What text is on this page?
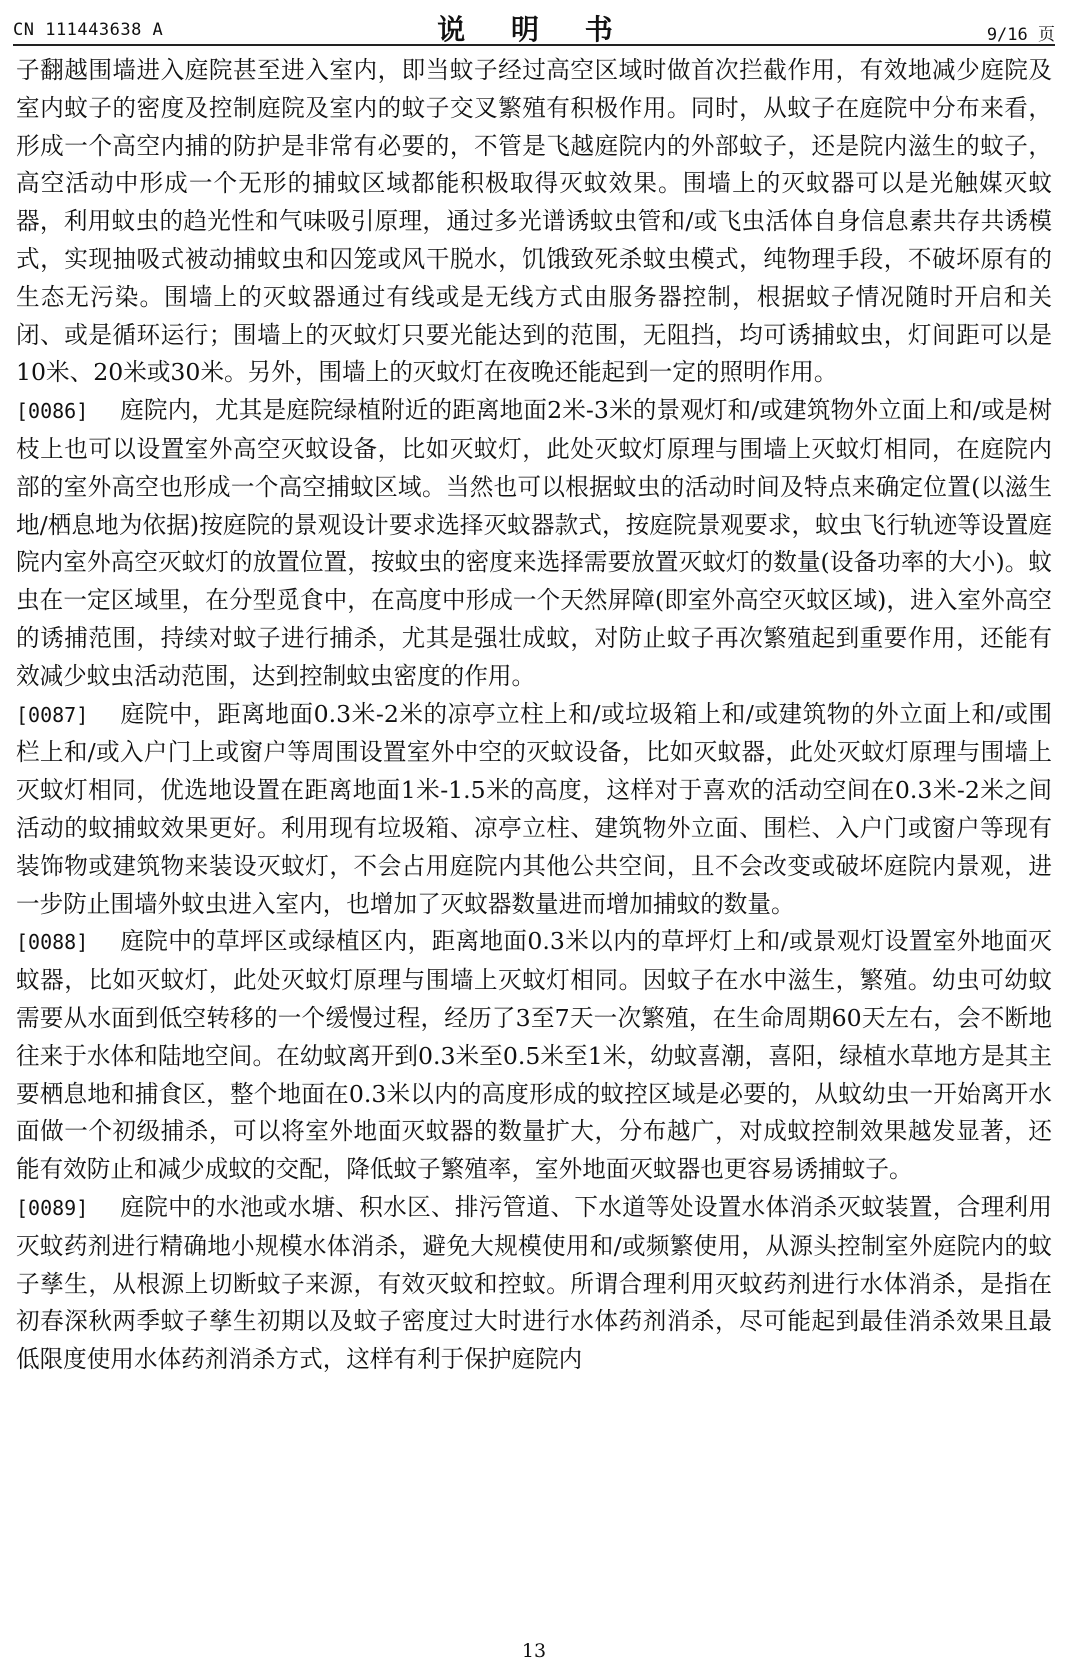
CN 111443638 A	说 明 书	9/16 页

子翻越围墙进入庭院甚至进入室内，即当蚊子经过高空区域时做首次拦截作用，有效地减少庭院及室内蚊子的密度及控制庭院及室内的蚊子交叉繁殖有积极作用。同时，从蚊子在庭院中分布来看，形成一个高空内捕的防护是非常有必要的，不管是飞越庭院内的外部蚊子，还是院内滋生的蚊子，高空活动中形成一个无形的捕蚊区域都能积极取得灭蚊效果。围墙上的灭蚊器可以是光触媒灭蚊器，利用蚊虫的趋光性和气味吸引原理，通过多光谱诱蚊虫管和/或飞虫活体自身信息素共存共诱模式，实现抽吸式被动捕蚊虫和囚笼或风干脱水，饥饿致死杀蚊虫模式，纯物理手段，不破坏原有的生态无污染。围墙上的灭蚊器通过有线或是无线方式由服务器控制，根据蚊子情况随时开启和关闭、或是循环运行；围墙上的灭蚊灯只要光能达到的范围，无阻挡，均可诱捕蚊虫，灯间距可以是10米、20米或30米。另外，围墙上的灭蚊灯在夜晚还能起到一定的照明作用。

[0086] 庭院内，尤其是庭院绿植附近的距离地面2米-3米的景观灯和/或建筑物外立面上和/或是树枝上也可以设置室外高空灭蚊设备，比如灭蚊灯，此处灭蚊灯原理与围墙上灭蚊灯相同，在庭院内部的室外高空也形成一个高空捕蚊区域。当然也可以根据蚊虫的活动时间及特点来确定位置(以滋生地/栖息地为依据)按庭院的景观设计要求选择灭蚊器款式，按庭院景观要求，蚊虫飞行轨迹等设置庭院内室外高空灭蚊灯的放置位置，按蚊虫的密度来选择需要放置灭蚊灯的数量(设备功率的大小)。蚊虫在一定区域里，在分型觅食中，在高度中形成一个天然屏障(即室外高空灭蚊区域)，进入室外高空的诱捕范围，持续对蚊子进行捕杀，尤其是强壮成蚊，对防止蚊子再次繁殖起到重要作用，还能有效减少蚊虫活动范围，达到控制蚊虫密度的作用。

[0087] 庭院中，距离地面0.3米-2米的凉亭立柱上和/或垃圾箱上和/或建筑物的外立面上和/或围栏上和/或入户门上或窗户等周围设置室外中空的灭蚊设备，比如灭蚊器，此处灭蚊灯原理与围墙上灭蚊灯相同，优选地设置在距离地面1米-1.5米的高度，这样对于喜欢的活动空间在0.3米-2米之间活动的蚊捕蚊效果更好。利用现有垃圾箱、凉亭立柱、建筑物外立面、围栏、入户门或窗户等现有装饰物或建筑物来装设灭蚊灯，不会占用庭院内其他公共空间，且不会改变或破坏庭院内景观，进一步防止围墙外蚊虫进入室内，也增加了灭蚊器数量进而增加捕蚊的数量。

[0088] 庭院中的草坪区或绿植区内，距离地面0.3米以内的草坪灯上和/或景观灯设置室外地面灭蚊器，比如灭蚊灯，此处灭蚊灯原理与围墙上灭蚊灯相同。因蚊子在水中滋生，繁殖。幼虫可幼蚊需要从水面到低空转移的一个缓慢过程，经历了3至7天一次繁殖，在生命周期60天左右，会不断地往来于水体和陆地空间。在幼蚊离开到0.3米至0.5米至1米，幼蚊喜潮，喜阳，绿植水草地方是其主要栖息地和捕食区，整个地面在0.3米以内的高度形成的蚊控区域是必要的，从蚊幼虫一开始离开水面做一个初级捕杀，可以将室外地面灭蚊器的数量扩大，分布越广，对成蚊控制效果越发显著，还能有效防止和减少成蚊的交配，降低蚊子繁殖率，室外地面灭蚊器也更容易诱捕蚊子。

[0089] 庭院中的水池或水塘、积水区、排污管道、下水道等处设置水体消杀灭蚊装置，合理利用灭蚊药剂进行精确地小规模水体消杀，避免大规模使用和/或频繁使用，从源头控制室外庭院内的蚊子孳生，从根源上切断蚊子来源，有效灭蚊和控蚊。所谓合理利用灭蚊药剂进行水体消杀，是指在初春深秋两季蚊子孳生初期以及蚊子密度过大时进行水体药剂消杀，尽可能起到最佳消杀效果且最低限度使用水体药剂消杀方式，这样有利于保护庭院内

13
